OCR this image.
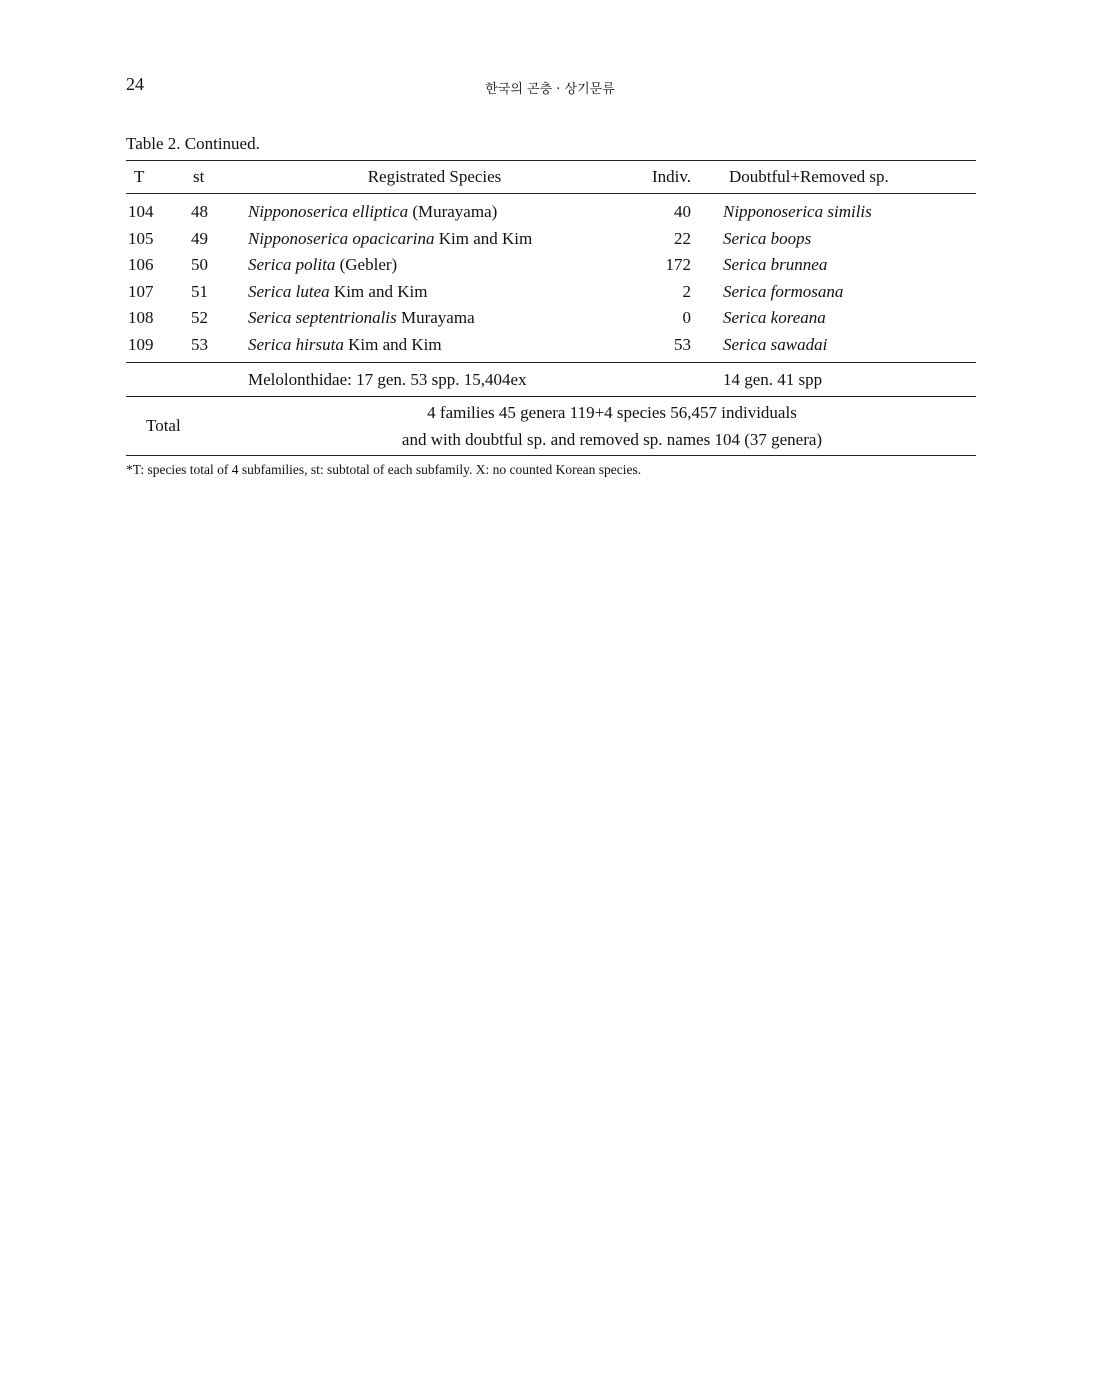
24	한국의 곤충 · 상기문류
Table 2. Continued.
T	st	Registrated Species	Indiv.	Doubtful+Removed sp.
104	48	Nipponoserica elliptica (Murayama)	40	Nipponoserica similis
105	49	Nipponoserica opacicarina Kim and Kim	22	Serica boops
106	50	Serica polita (Gebler)	172	Serica brunnea
107	51	Serica lutea Kim and Kim	2	Serica formosana
108	52	Serica septentrionalis Murayama	0	Serica koreana
109	53	Serica hirsuta Kim and Kim	53	Serica sawadai
Melolonthidae: 17 gen. 53 spp. 15,404ex	14 gen. 41 spp
Total
4 families 45 genera 119+4 species 56,457 individuals
and with doubtful sp. and removed sp. names 104 (37 genera)
*T: species total of 4 subfamilies, st: subtotal of each subfamily. X: no counted Korean species.
